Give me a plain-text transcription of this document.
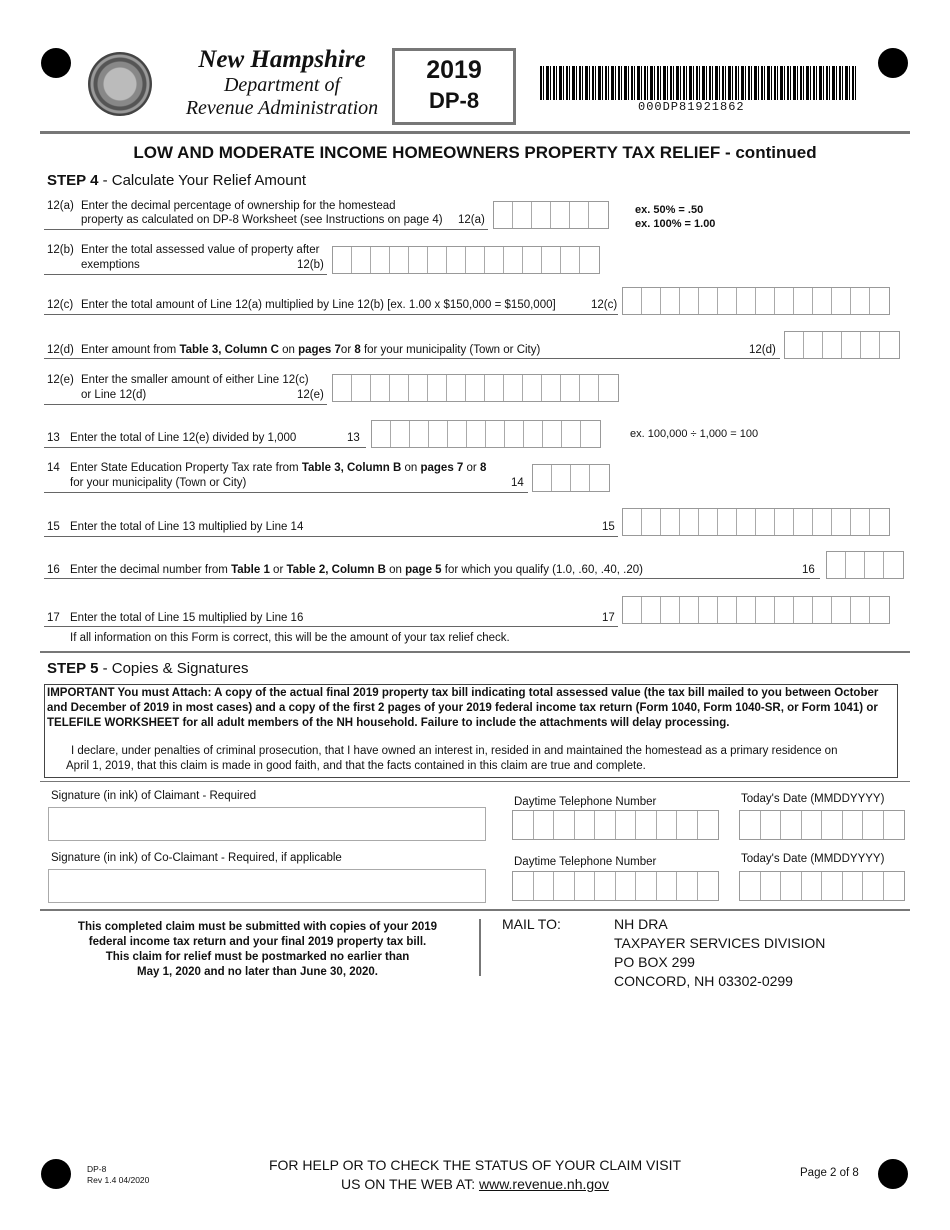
New Hampshire
Department of
Revenue Administration
2019
DP-8	000DP81921862
LOW AND MODERATE INCOME HOMEOWNERS PROPERTY TAX RELIEF - continued
STEP 4 - Calculate Your Relief Amount
12(a) Enter the decimal percentage of ownership for the homestead
property as calculated on DP-8 Worksheet (see Instructions on page 4) 12(a)
ex. 50% = .50
ex. 100% = 1.00
12(b) Enter the total assessed value of property after
exemptions	12(b)
12(c) Enter the total amount of Line 12(a) multiplied by Line 12(b) [ex. 1.00 x $150,000 = $150,000]	12(c)
12(d) Enter amount from Table 3, Column C on pages 7or 8 for your municipality (Town or City)	12(d)
12(e) Enter the smaller amount of either Line 12(c)
or Line 12(d)	12(e)
13 Enter the total of Line 12(e) divided by 1,000	13	ex. 100,000 ÷ 1,000 = 100
14 Enter State Education Property Tax rate from Table 3, Column B on pages 7 or 8
for your municipality (Town or City)	14
15 Enter the total of Line 13 multiplied by Line 14	15
16 Enter the decimal number from Table 1 or Table 2, Column B on page 5 for which you qualify (1.0, .60, .40, .20)	16
17 Enter the total of Line 15 multiplied by Line 16	17
If all information on this Form is correct, this will be the amount of your tax relief check.
STEP 5 - Copies & Signatures
IMPORTANT You must Attach: A copy of the actual final 2019 property tax bill indicating total assessed value (the tax bill mailed to you between October and December of 2019 in most cases) and a copy of the first 2 pages of your 2019 federal income tax return (Form 1040, Form 1040-SR, or Form 1041) or TELEFILE WORKSHEET for all adult members of the NH household. Failure to include the attachments will delay processing.
I declare, under penalties of criminal prosecution, that I have owned an interest in, resided in and maintained the homestead as a primary residence on
April 1, 2019, that this claim is made in good faith, and that the facts contained in this claim are true and complete.
Signature (in ink) of Claimant - Required	Daytime Telephone Number	Today's Date (MMDDYYYY)
Signature (in ink) of Co-Claimant - Required, if applicable	Daytime Telephone Number	Today's Date (MMDDYYYY)
This completed claim must be submitted with copies of your 2019
federal income tax return and your final 2019 property tax bill.
This claim for relief must be postmarked no earlier than
May 1, 2020 and no later than June 30, 2020.
MAIL TO:	NH DRA
TAXPAYER SERVICES DIVISION
PO BOX 299
CONCORD, NH 03302-0299
FOR HELP OR TO CHECK THE STATUS OF YOUR CLAIM VISIT
US ON THE WEB AT: www.revenue.nh.gov
DP-8
Rev 1.4 04/2020
Page 2 of 8
